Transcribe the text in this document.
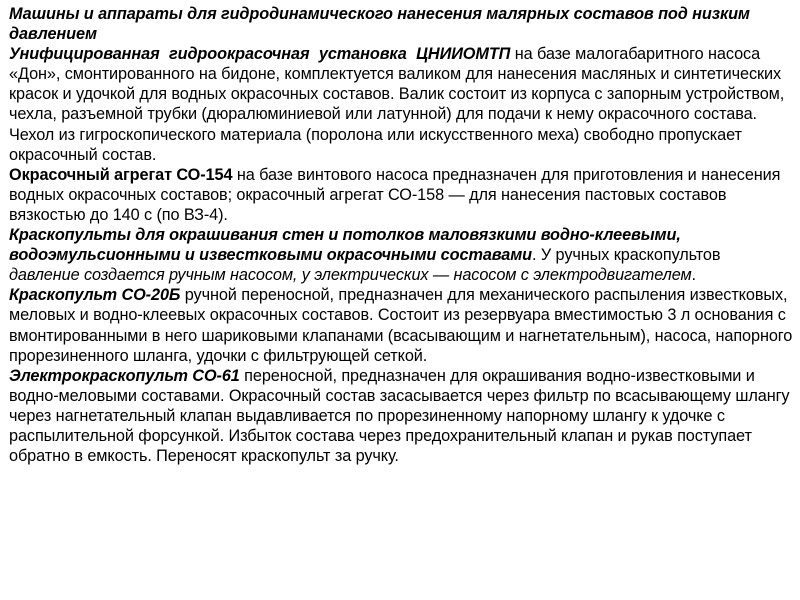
Машины и аппараты для гидродинамического нанесения малярных составов под низким давлением

Унифицированная гидроокрасочная установка ЦНИИОМТП на базе малогабаритного насоса «Дон», смонтированного на бидоне, комплектуется валиком для нанесения масляных и синтетических красок и удочкой для водных окрасочных составов. Валик состоит из корпуса с запорным устройством, чехла, разъемной трубки (дюралюминиевой или латунной) для подачи к нему окрасочного состава. Чехол из гигроскопического материала (поролона или искусственного меха) свободно пропускает окрасочный состав.

Окрасочный агрегат СО-154 на базе винтового насоса предназначен для приготовления и нанесения водных окрасочных составов; окрасочный агрегат СО-158 — для нанесения пастовых составов вязкостью до 140 с (по ВЗ-4).

Краскопульты для окрашивания стен и потолков маловязкими водно-клеевыми, водоэмульсионными и известковыми окрасочными составами. У ручных краскопультов давление создается ручным насосом, у электрических — насосом с электродвигателем.

Краскопульт СО-20Б ручной переносной, предназначен для механического распыления известковых, меловых и водно-клеевых окрасочных составов. Состоит из резервуара вместимостью 3 л основания с вмонтированными в него шариковыми клапанами (всасывающим и нагнетательным), насоса, напорного прорезиненного шланга, удочки с фильтрующей сеткой.

Электрокраскопульт СО-61 переносной, предназначен для окрашивания водно-известковыми и водно-меловыми составами. Окрасочный состав засасывается через фильтр по всасывающему шлангу через нагнетательный клапан выдавливается по прорезиненному напорному шлангу к удочке с распылительной форсункой. Избыток состава через предохранительный клапан и рукав поступает обратно в емкость. Переносят краскопульт за ручку.
